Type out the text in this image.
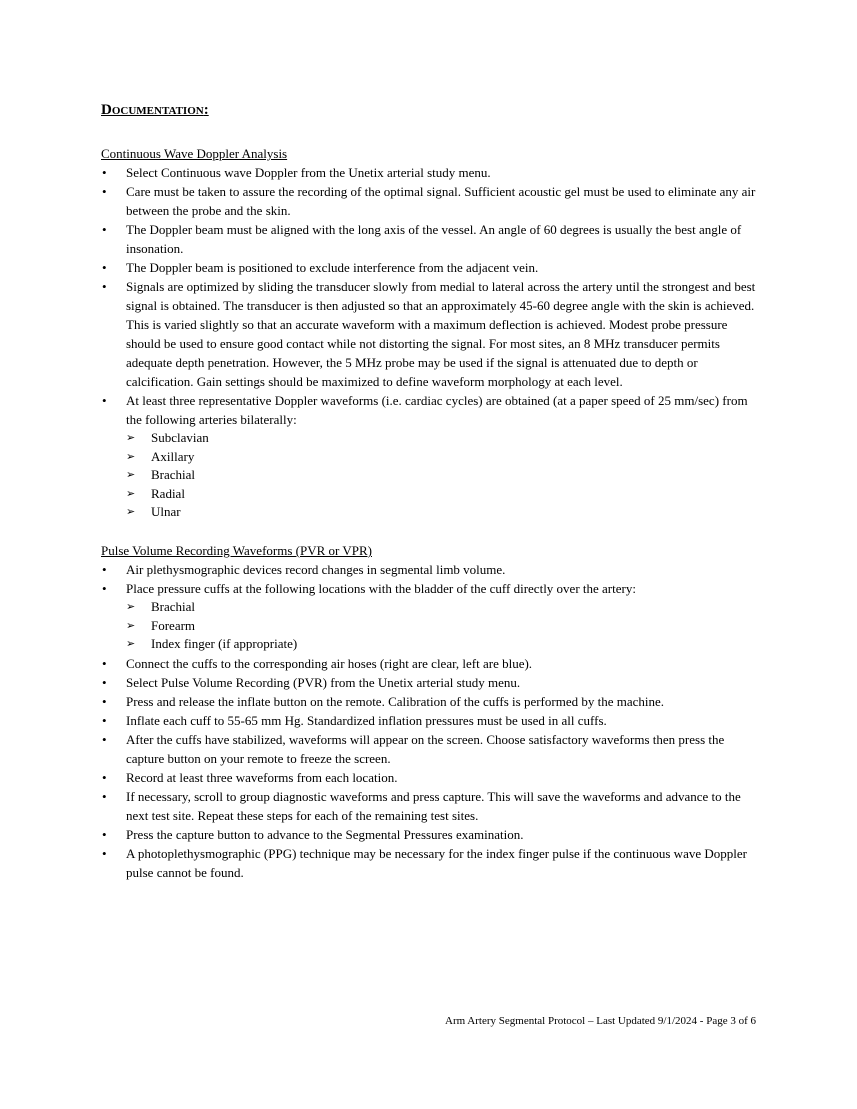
Documentation:
Continuous Wave Doppler Analysis
• Select Continuous wave Doppler from the Unetix arterial study menu.
• Care must be taken to assure the recording of the optimal signal. Sufficient acoustic gel must be used to eliminate any air between the probe and the skin.
• The Doppler beam must be aligned with the long axis of the vessel. An angle of 60 degrees is usually the best angle of insonation.
• The Doppler beam is positioned to exclude interference from the adjacent vein.
• Signals are optimized by sliding the transducer slowly from medial to lateral across the artery until the strongest and best signal is obtained. The transducer is then adjusted so that an approximately 45-60 degree angle with the skin is achieved. This is varied slightly so that an accurate waveform with a maximum deflection is achieved. Modest probe pressure should be used to ensure good contact while not distorting the signal. For most sites, an 8 MHz transducer permits adequate depth penetration. However, the 5 MHz probe may be used if the signal is attenuated due to depth or calcification. Gain settings should be maximized to define waveform morphology at each level.
• At least three representative Doppler waveforms (i.e. cardiac cycles) are obtained (at a paper speed of 25 mm/sec) from the following arteries bilaterally:
➢ Subclavian
➢ Axillary
➢ Brachial
➢ Radial
➢ Ulnar
Pulse Volume Recording Waveforms (PVR or VPR)
• Air plethysmographic devices record changes in segmental limb volume.
• Place pressure cuffs at the following locations with the bladder of the cuff directly over the artery:
➢ Brachial
➢ Forearm
➢ Index finger (if appropriate)
• Connect the cuffs to the corresponding air hoses (right are clear, left are blue).
• Select Pulse Volume Recording (PVR) from the Unetix arterial study menu.
• Press and release the inflate button on the remote. Calibration of the cuffs is performed by the machine.
• Inflate each cuff to 55-65 mm Hg. Standardized inflation pressures must be used in all cuffs.
• After the cuffs have stabilized, waveforms will appear on the screen. Choose satisfactory waveforms then press the capture button on your remote to freeze the screen.
• Record at least three waveforms from each location.
• If necessary, scroll to group diagnostic waveforms and press capture. This will save the waveforms and advance to the next test site. Repeat these steps for each of the remaining test sites.
• Press the capture button to advance to the Segmental Pressures examination.
• A photoplethysmographic (PPG) technique may be necessary for the index finger pulse if the continuous wave Doppler pulse cannot be found.
Arm Artery Segmental Protocol – Last Updated 9/1/2024 - Page 3 of 6
